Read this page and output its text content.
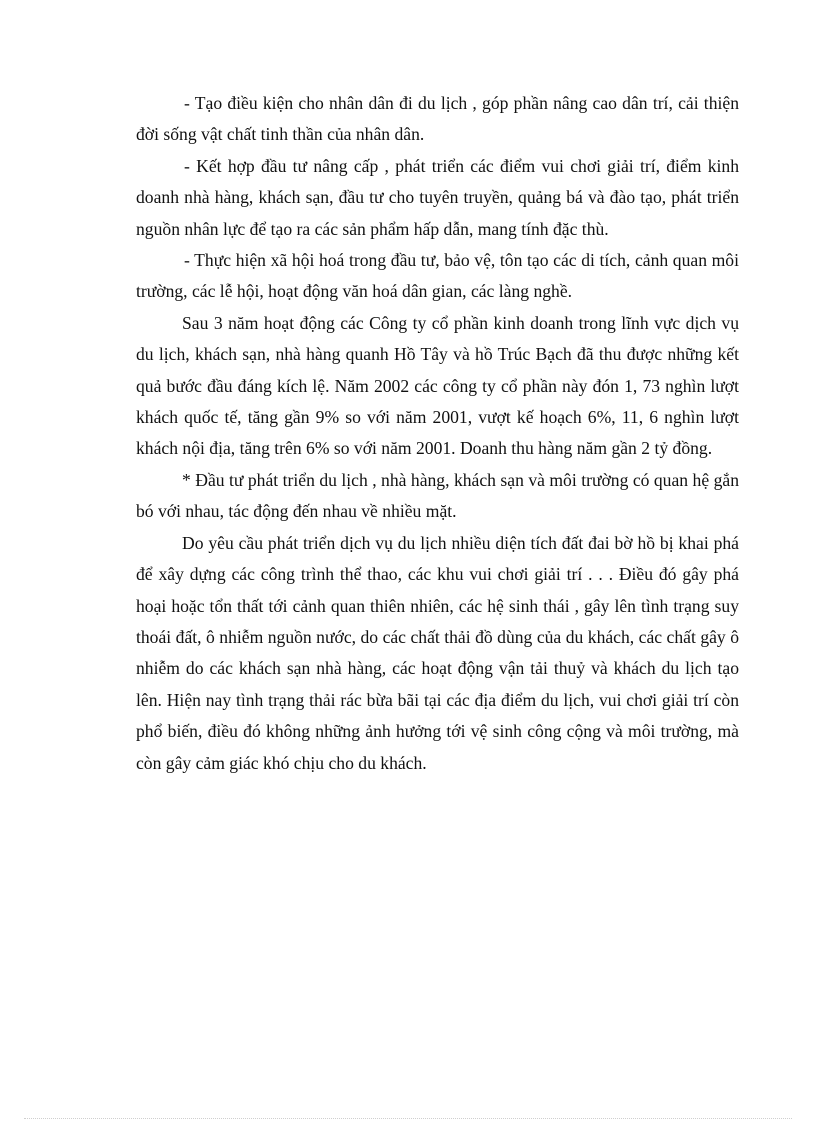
- Tạo điều kiện cho nhân dân đi du lịch , góp phần nâng cao dân trí, cải thiện đời sống vật chất tinh thần của nhân dân.

- Kết hợp đầu tư nâng cấp , phát triển các điểm vui chơi giải trí, điểm kinh doanh nhà hàng, khách sạn, đầu tư cho tuyên truyền, quảng bá và đào tạo, phát triển nguồn nhân lực để tạo ra các sản phẩm hấp dẫn, mang tính đặc thù.

- Thực hiện xã hội hoá trong đầu tư, bảo vệ, tôn tạo các di tích, cảnh quan môi trường, các lễ hội, hoạt động văn hoá dân gian, các làng nghề.

Sau 3 năm hoạt động các Công ty cổ phần kinh doanh trong lĩnh vực dịch vụ du lịch, khách sạn, nhà hàng quanh Hồ Tây và hồ Trúc Bạch đã thu được những kết quả bước đầu đáng kích lệ. Năm 2002 các công ty cổ phần này đón 1, 73 nghìn lượt khách quốc tế, tăng gần 9% so với năm 2001, vượt kế hoạch 6%, 11, 6 nghìn lượt khách nội địa, tăng trên 6% so với năm 2001. Doanh thu hàng năm gần 2 tỷ đồng.

* Đầu tư phát triển du lịch , nhà hàng, khách sạn và môi trường có quan hệ gắn bó với nhau, tác động đến nhau về nhiều mặt.

Do yêu cầu phát triển dịch vụ du lịch nhiều diện tích đất đai bờ hồ bị khai phá để xây dựng các công trình thể thao, các khu vui chơi giải trí . . . Điều đó gây phá hoại hoặc tổn thất tới cảnh quan thiên nhiên, các hệ sinh thái , gây lên tình trạng suy thoái đất, ô nhiễm nguồn nước, do các chất thải đồ dùng của du khách, các chất gây ô nhiễm do các khách sạn nhà hàng, các hoạt động vận tải thuỷ và khách du lịch tạo lên. Hiện nay tình trạng thải rác bừa bãi tại các địa điểm du lịch, vui chơi giải trí còn phổ biến, điều đó không những ảnh hưởng tới vệ sinh công cộng và môi trường, mà còn gây cảm giác khó chịu cho du khách.
